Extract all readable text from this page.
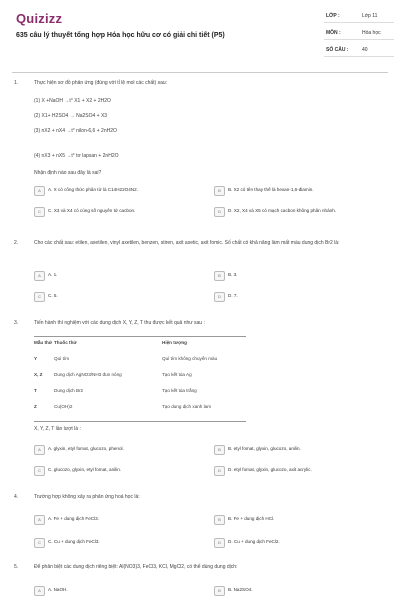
Quizizz
635 câu lý thuyết tổng hợp Hóa học hữu cơ có giải chi tiết (P5)
LỚP :	Lớp 11
MÔN :	Hóa học
SỐ CÂU :	40
1.	Thực hiện sơ đồ phản ứng (đúng với tỉ lệ mol các chất) sau:
(1) X +NaOH →t° X1 + X2 + 2H2O
(2) X1+ H2SO4 → Na2SO4 + X3
(3) nX2 + nX4 →t° nilon-6,6 + 2nH2O
(4) nX3 + nX5 →t° tơ lapsan + 2nH2O
Nhận định nào sau đây là sai?
A	A. X có công thức phân tử là C14H22O4N2.	B	B. X2 có tên thay thế là hexan-1,6-điamin.
C	C. X3 và X4 có cùng số nguyên tử cacbon.	D	D. X2, X4 và X5 có mạch cacbon không phân nhánh.
2.	Cho các chất sau: etilen, axetilen, vinyl axetilen, benzen, stiren, axit axetic, axit fomic. Số chất có khả năng làm mất màu dung dịch Br2 là:
A	A. 1.	B	B. 3.
C	C. 5.	D	D. 7.
3.	Tiến hành thí nghiệm với các dung dịch X, Y, Z, T thu được kết quả như sau :
Mẫu thử Thuốc thử	Hiện tượng
Y	Quì tím	Quì tím không chuyển màu
X, Z	Dung dịch AgNO3/NH3 đun nóng	Tạo kết tủa Ag
T	Dung dịch Br2	Tạo kết tủa trắng
Z	Cu(OH)2	Tạo dung dịch xanh lam
X, Y, Z, T lần lượt là :
A	A. glyxin, etyl fomat, glucozo, phenol.	B	B. etyl fomat, glyxin, glucozo, anilin.
C	C. glucozo, glyxin, etyl fomat, anilin.	D	D. etyl fomat, glyxin, glucozo, axit acrylic.
4.	Trường hợp không xảy ra phản ứng hoá học là:
A	A. Fe + dung dịch FeCl3.	B	B. Fe + dung dịch HCl.
C	C. Cu + dung dịch FeCl3.	D	D. Cu + dung dịch FeCl2.
5.	Để phân biệt các dung dịch riêng biệt: Al(NO3)3, FeCl3, KCl, MgCl2, có thể dùng dung dịch:
A	A. NaOH.	B	B. Na2SO4.
